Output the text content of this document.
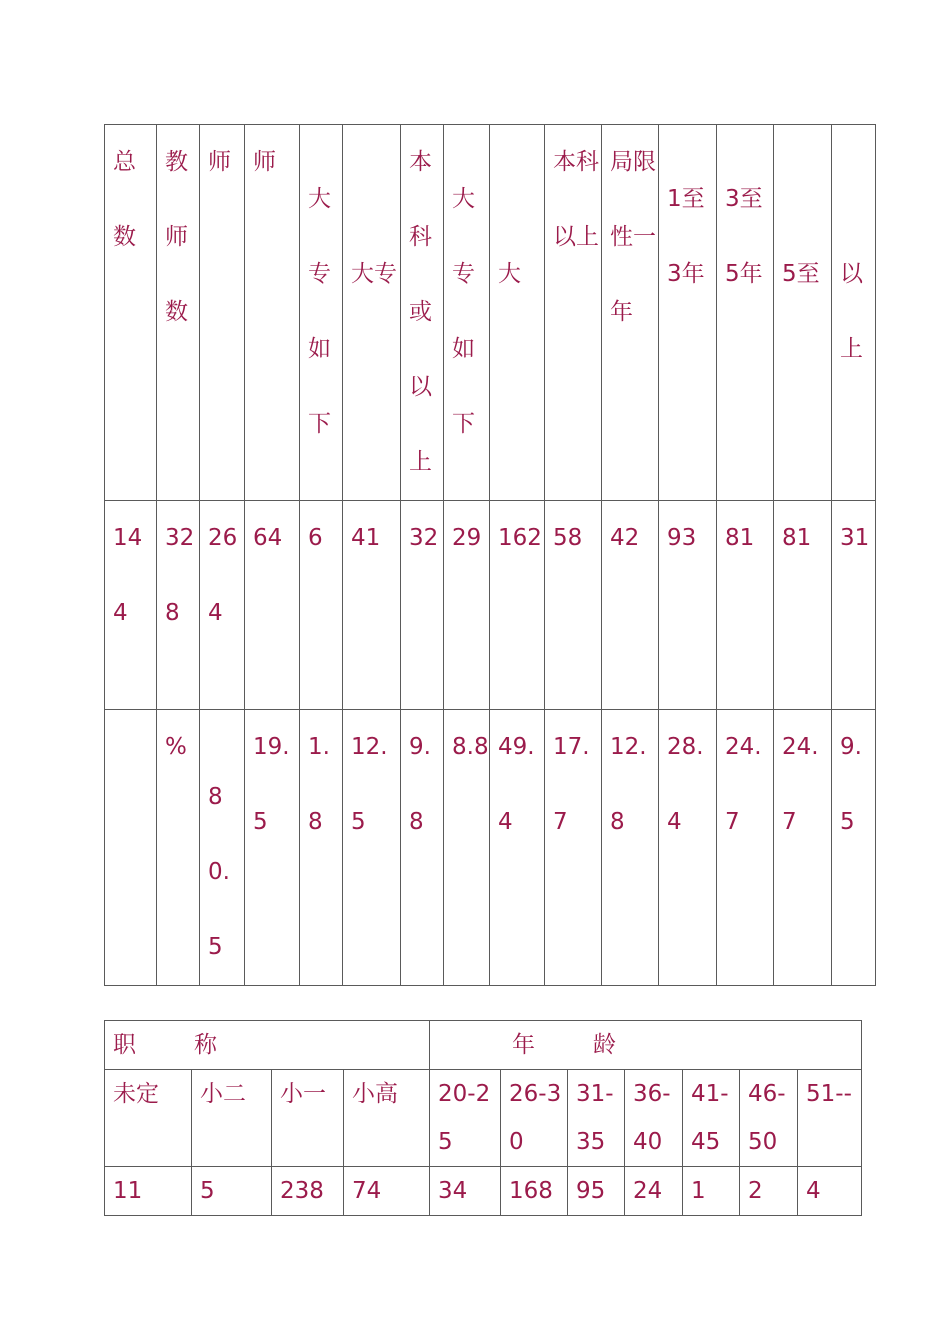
总数	教师数	师	师	大专如下	大专	本科或以上	大专如下	大	本科以上	局限性一年	1至3年	3至5年	5至	以上

144	328	264	64	6	41	32	29	162	58	42	93	81	81	31

	%	80.5	19.5	1.8	12.5	9.8	8.8	49.4	17.7	12.8	28.4	24.7	24.7	9.5
职称				年龄						

未定	小二	小一	小高	20-25	26-30	31-35	36-40	41-45	46-50	51--

11	5	238	74	34	168	95	24	1	2	4
